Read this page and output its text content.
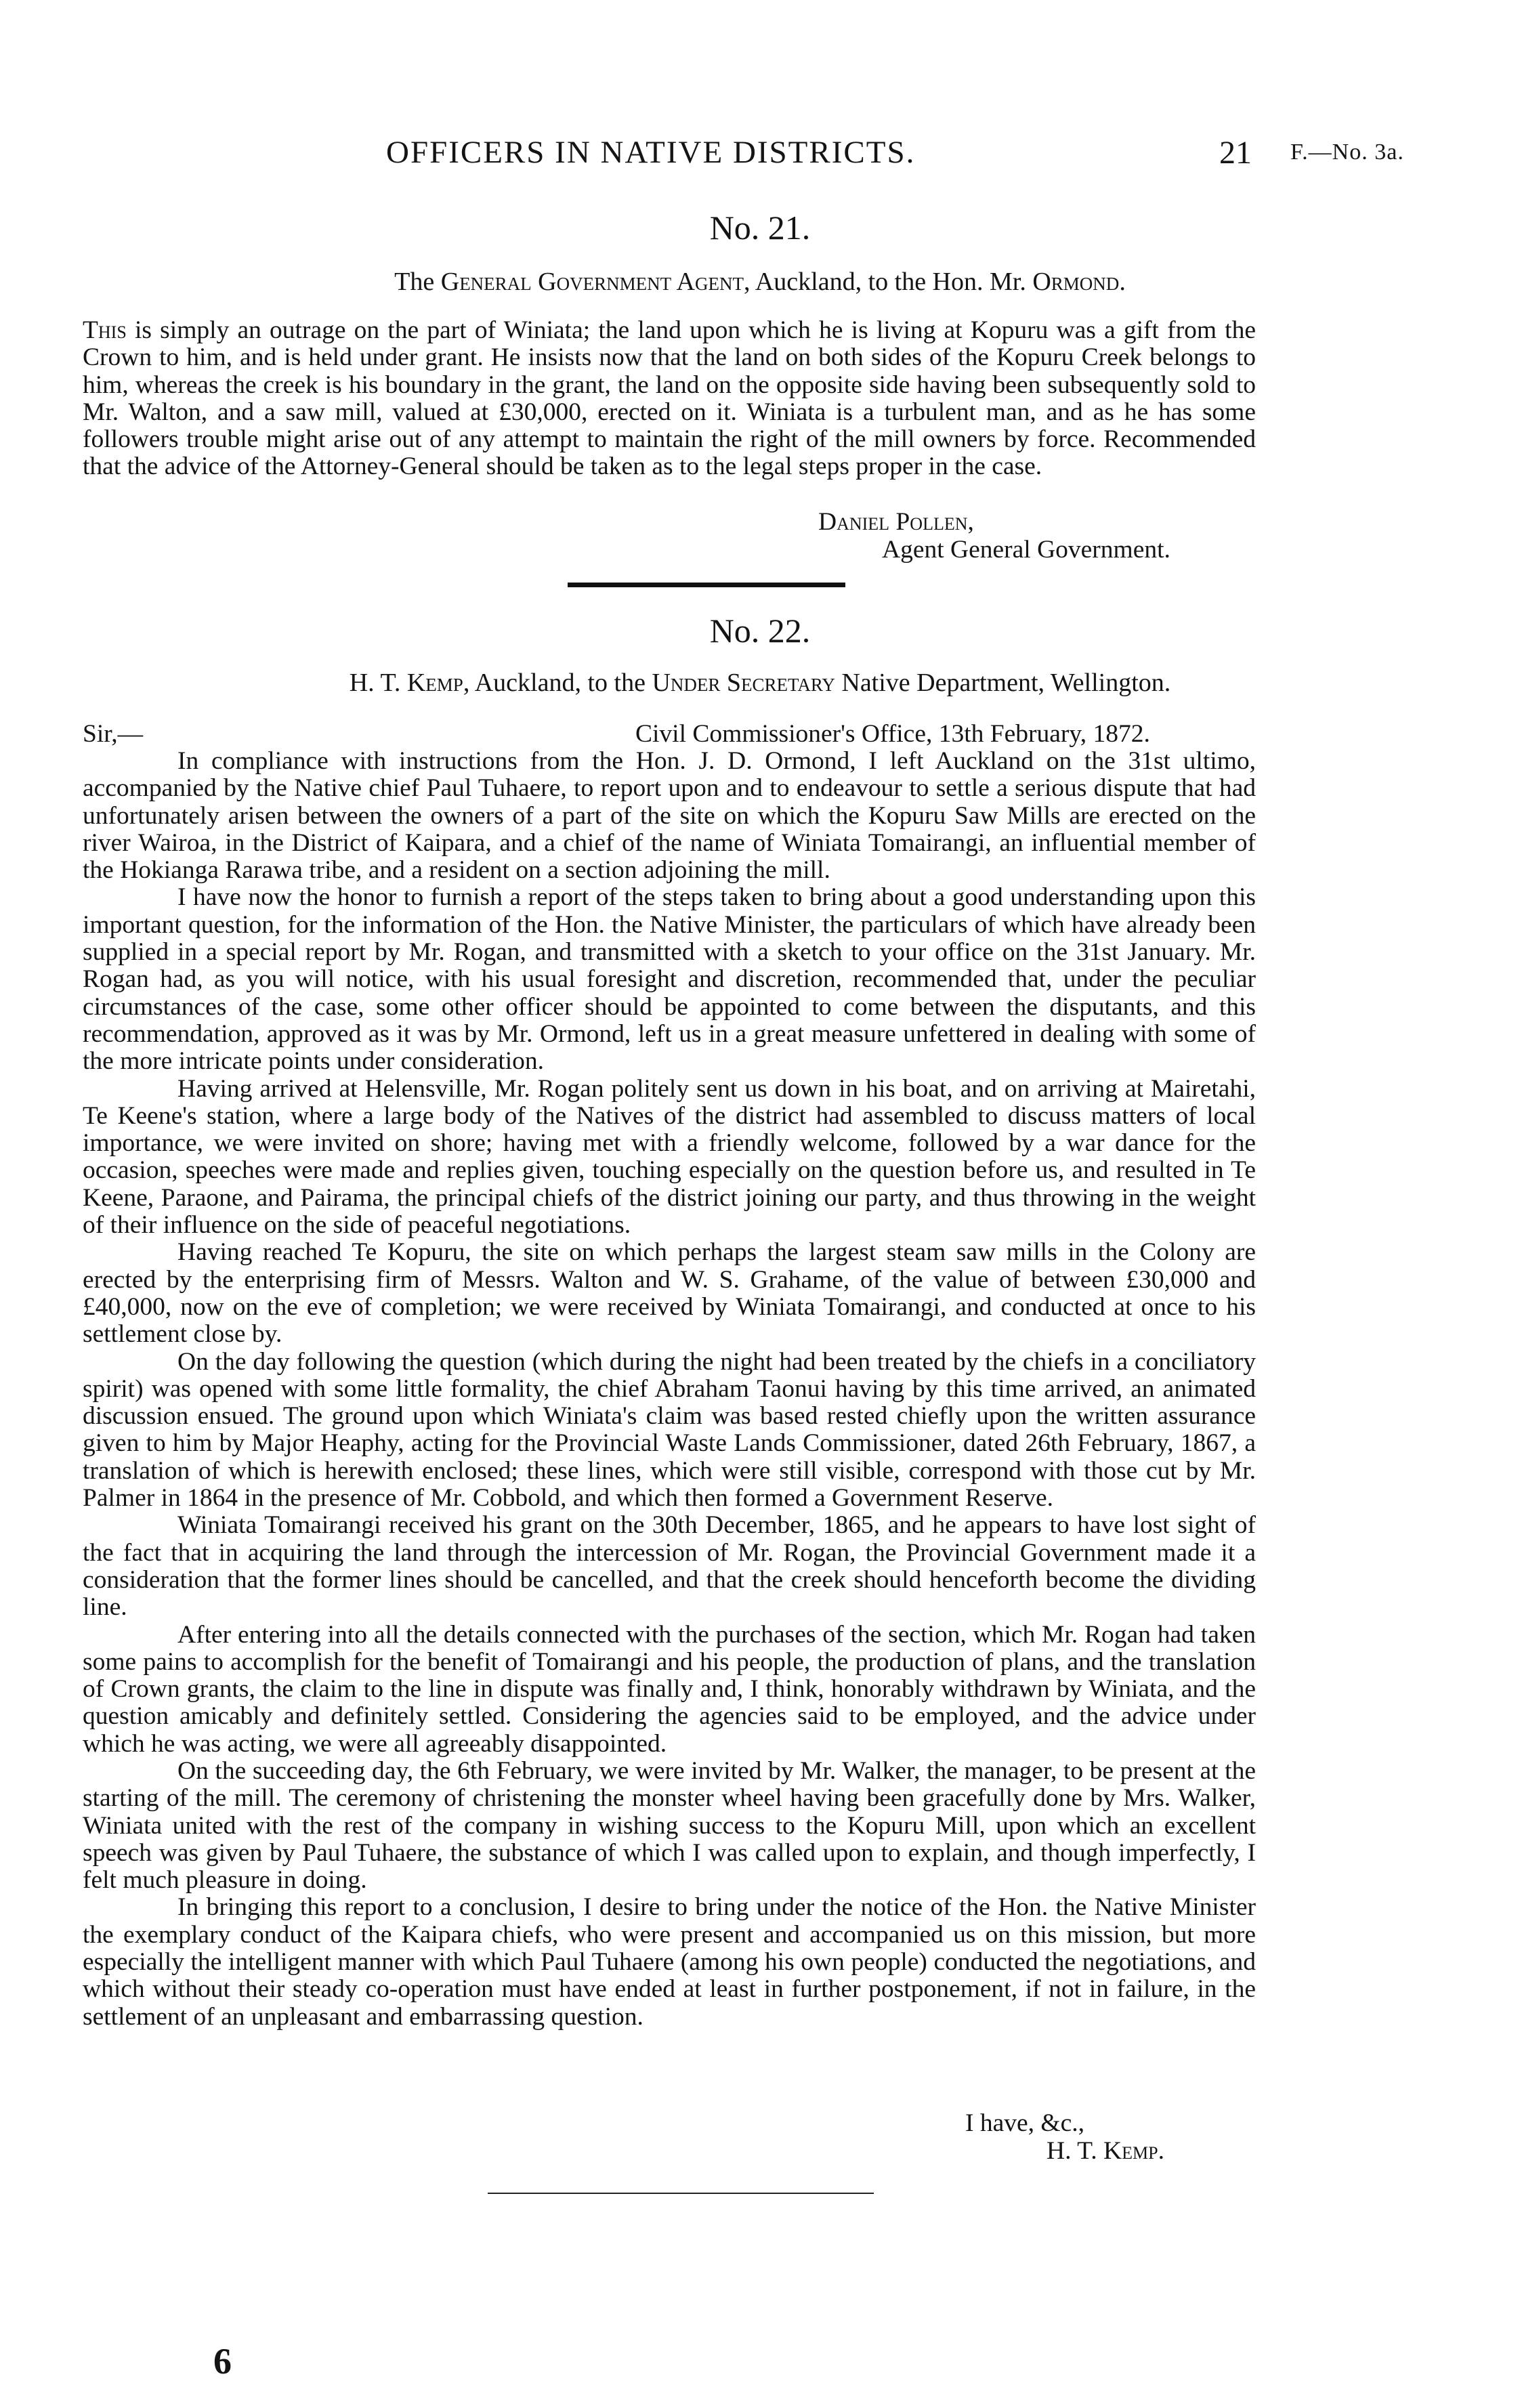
OFFICERS IN NATIVE DISTRICTS.	21 F.—No. 3a.
No. 21.
The General Government Agent, Auckland, to the Hon. Mr. Ormond.

This is simply an outrage on the part of Winiata; the land upon which he is living at Kopuru was a gift from the Crown to him, and is held under grant. He insists now that the land on both sides of the Kopuru Creek belongs to him, whereas the creek is his boundary in the grant, the land on the opposite side having been subsequently sold to Mr. Walton, and a saw mill, valued at £30,000, erected on it. Winiata is a turbulent man, and as he has some followers trouble might arise out of any attempt to maintain the right of the mill owners by force. Recommended that the advice of the Attorney-General should be taken as to the legal steps proper in the case.

Daniel Pollen,
Agent General Government.
No. 22.
H. T. Kemp, Auckland, to the Under Secretary Native Department, Wellington.
Sir,—	Civil Commissioner's Office, 13th February, 1872.

In compliance with instructions from the Hon. J. D. Ormond, I left Auckland on the 31st ultimo, accompanied by the Native chief Paul Tuhaere, to report upon and to endeavour to settle a serious dispute that had unfortunately arisen between the owners of a part of the site on which the Kopuru Saw Mills are erected on the river Wairoa, in the District of Kaipara, and a chief of the name of Winiata Tomairangi, an influential member of the Hokianga Rarawa tribe, and a resident on a section adjoining the mill.

I have now the honor to furnish a report of the steps taken to bring about a good understanding upon this important question, for the information of the Hon. the Native Minister, the particulars of which have already been supplied in a special report by Mr. Rogan, and transmitted with a sketch to your office on the 31st January. Mr. Rogan had, as you will notice, with his usual foresight and discretion, recommended that, under the peculiar circumstances of the case, some other officer should be appointed to come between the disputants, and this recommendation, approved as it was by Mr. Ormond, left us in a great measure unfettered in dealing with some of the more intricate points under consideration.

Having arrived at Helensville, Mr. Rogan politely sent us down in his boat, and on arriving at Mairetahi, Te Keene's station, where a large body of the Natives of the district had assembled to discuss matters of local importance, we were invited on shore; having met with a friendly welcome, followed by a war dance for the occasion, speeches were made and replies given, touching especially on the question before us, and resulted in Te Keene, Paraone, and Pairama, the principal chiefs of the district joining our party, and thus throwing in the weight of their influence on the side of peaceful negotiations.

Having reached Te Kopuru, the site on which perhaps the largest steam saw mills in the Colony are erected by the enterprising firm of Messrs. Walton and W. S. Grahame, of the value of between £30,000 and £40,000, now on the eve of completion; we were received by Winiata Tomairangi, and conducted at once to his settlement close by.

On the day following the question (which during the night had been treated by the chiefs in a conciliatory spirit) was opened with some little formality, the chief Abraham Taonui having by this time arrived, an animated discussion ensued. The ground upon which Winiata's claim was based rested chiefly upon the written assurance given to him by Major Heaphy, acting for the Provincial Waste Lands Commissioner, dated 26th February, 1867, a translation of which is herewith enclosed; these lines, which were still visible, correspond with those cut by Mr. Palmer in 1864 in the presence of Mr. Cobbold, and which then formed a Government Reserve.

Winiata Tomairangi received his grant on the 30th December, 1865, and he appears to have lost sight of the fact that in acquiring the land through the intercession of Mr. Rogan, the Provincial Government made it a consideration that the former lines should be cancelled, and that the creek should henceforth become the dividing line.

After entering into all the details connected with the purchases of the section, which Mr. Rogan had taken some pains to accomplish for the benefit of Tomairangi and his people, the production of plans, and the translation of Crown grants, the claim to the line in dispute was finally and, I think, honorably withdrawn by Winiata, and the question amicably and definitely settled. Considering the agencies said to be employed, and the advice under which he was acting, we were all agreeably disappointed.

On the succeeding day, the 6th February, we were invited by Mr. Walker, the manager, to be present at the starting of the mill. The ceremony of christening the monster wheel having been gracefully done by Mrs. Walker, Winiata united with the rest of the company in wishing success to the Kopuru Mill, upon which an excellent speech was given by Paul Tuhaere, the substance of which I was called upon to explain, and though imperfectly, I felt much pleasure in doing.

In bringing this report to a conclusion, I desire to bring under the notice of the Hon. the Native Minister the exemplary conduct of the Kaipara chiefs, who were present and accompanied us on this mission, but more especially the intelligent manner with which Paul Tuhaere (among his own people) conducted the negotiations, and which without their steady co-operation must have ended at least in further postponement, if not in failure, in the settlement of an unpleasant and embarrassing question.

I have, &c.,
H. T. Kemp.
6
